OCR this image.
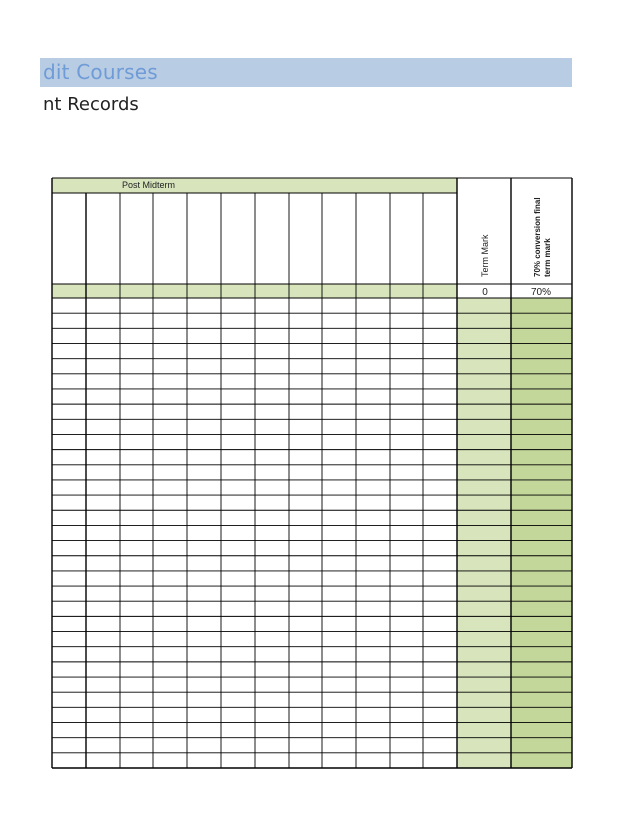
dit Courses
nt Records
Post Midterm
Term Mark	70% conversion final term mark
0	70%
